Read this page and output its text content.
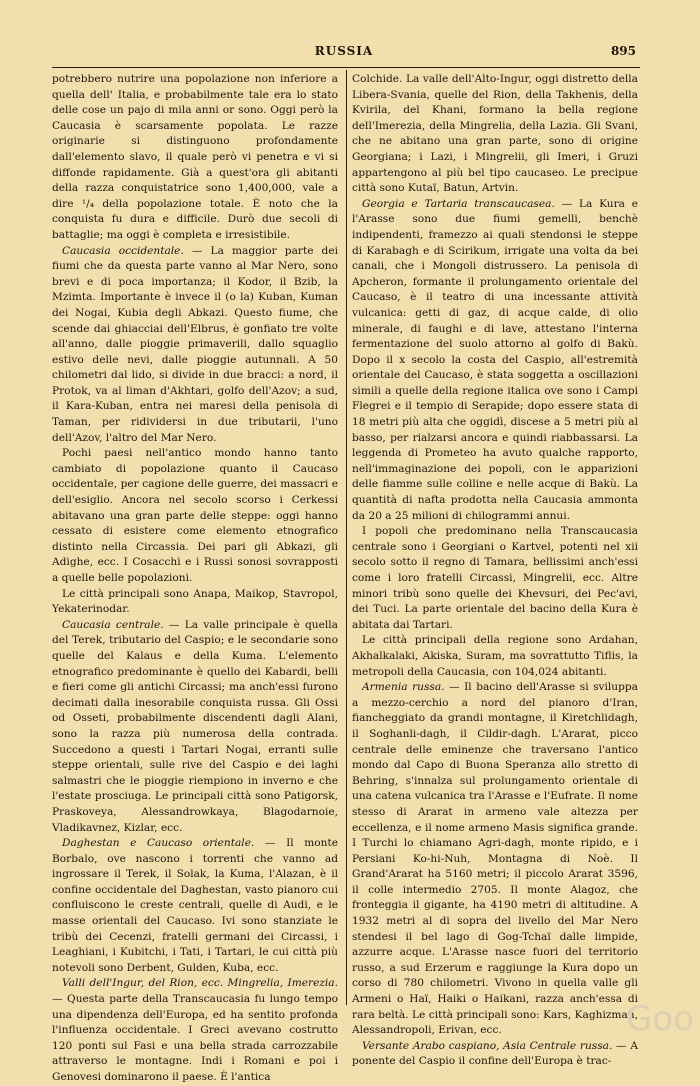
RUSSIA	895

potrebbero nutrire una popolazione non inferiore a quella dell' Italia, e probabilmente tale era lo stato delle cose un pajo di mila anni or sono. Oggi però la Caucasia è scarsamente popolata. Le razze originarie si distinguono profondamente dall'elemento slavo, il quale però vi penetra e vi si diffonde rapidamente. Già a quest'ora gli abitanti della razza conquistatrice sono 1,400,000, vale a dire ¹/₄ della popolazione totale. È noto che la conquista fu dura e difficile. Durò due secoli di battaglie; ma oggi è completa e irresistibile.

Caucasia occidentale. — La maggior parte dei fiumi che da questa parte vanno al Mar Nero, sono brevi e di poca importanza; il Kodor, il Bzib, la Mzimta. Importante è invece il (o la) Kuban, Kuman dei Nogai, Kubia degli Abkazi. Questo fiume, che scende dai ghiacciai dell'Elbrus, è gonfiato tre volte all'anno, dalle pioggie primaverili, dallo squaglio estivo delle nevi, dalle pioggie autunnali. A 50 chilometri dal lido, si divide in due bracci: a nord, il Protok, va al liman d'Akhtari, golfo dell'Azov; a sud, il Kara-Kuban, entra nei maresi della penisola di Taman, per ridividersi in due tributarii, l'uno dell'Azov, l'altro del Mar Nero.

Pochi paesi nell'antico mondo hanno tanto cambiato di popolazione quanto il Caucaso occidentale, per cagione delle guerre, dei massacri e dell'esiglio. Ancora nel secolo scorso i Cerkessi abitavano una gran parte delle steppe: oggi hanno cessato di esistere come elemento etnografico distinto nella Circassia. Dei pari gli Abkazi, gli Adighe, ecc. I Cosacchi e i Russi sonosi sovrapposti a quelle belle popolazioni.

Le città principali sono Anapa, Maikop, Stavropol, Yekaterinodar.

Caucasia centrale. — La valle principale è quella del Terek, tributario del Caspio; e le secondarie sono quelle del Kalaus e della Kuma. L'elemento etnografico predominante è quello dei Kabardi, belli e fieri come gli antichi Circassi; ma anch'essi furono decimati dalla inesorabile conquista russa. Gli Ossi od Osseti, probabilmente discendenti dagli Alani, sono la razza più numerosa della contrada. Succedono a questi i Tartari Nogai, erranti sulle steppe orientali, sulle rive del Caspio e dei laghi salmastri che le pioggie riempiono in inverno e che l'estate prosciuga. Le principali città sono Patigorsk, Praskoveya, Alessandrowkaya, Blagodarnoie, Vladikavnez, Kizlar, ecc.

Daghestan e Caucaso orientale. — Il monte Borbalo, ove nascono i torrenti che vanno ad ingrossare il Terek, il Solak, la Kuma, l'Alazan, è il confine occidentale del Daghestan, vasto pianoro cui confluiscono le creste centrali, quelle di Audi, e le masse orientali del Caucaso. Ivi sono stanziate le tribù dei Cecenzi, fratelli germani dei Circassi, i Leaghiani, i Kubitchi, i Tati, i Tartari, le cui città più notevoli sono Derbent, Gulden, Kuba, ecc.

Valli dell'Ingur, del Rion, ecc. Mingrelia, Imerezia. — Questa parte della Transcaucasia fu lungo tempo una dipendenza dell'Europa, ed ha sentito profonda l'influenza occidentale. I Greci avevano costrutto 120 ponti sul Fasi e una bella strada carrozzabile attraverso le montagne. Indi i Romani e poi i Genovesi dominarono il paese. È l'antica

Colchide. La valle dell'Alto-Ingur, oggi distretto della Libera-Svania, quelle del Rion, della Takhenis, della Kvirila, del Khani, formano la bella regione dell'Imerezia, della Mingrelia, della Lazia. Gli Svani, che ne abitano una gran parte, sono di origine Georgiana; i Lazi, i Mingrelii, gli Imeri, i Gruzi appartengono al più bel tipo caucaseo. Le precipue città sono Kutaï, Batun, Artvin.

Georgia e Tartaria transcaucasea. — La Kura e l'Arasse sono due fiumi gemelli, benchè indipendenti, framezzo ai quali stendonsi le steppe di Karabagh e di Scirikum, irrigate una volta da bei canali, che i Mongoli distrussero. La penisola di Apcheron, formante il prolungamento orientale del Caucaso, è il teatro di una incessante attività vulcanica: getti di gaz, di acque calde, di olio minerale, di faughi e di lave, attestano l'interna fermentazione del suolo attorno al golfo di Bakù. Dopo il x secolo la costa del Caspio, all'estremità orientale del Caucaso, è stata soggetta a oscillazioni simili a quelle della regione italica ove sono i Campi Flegrei e il tempio di Serapide; dopo essere stata di 18 metri più alta che oggidì, discese a 5 metri più al basso, per rialzarsi ancora e quindi riabbassarsi. La leggenda di Prometeo ha avuto qualche rapporto, nell'immaginazione dei popoli, con le apparizioni delle fiamme sulle colline e nelle acque di Bakù. La quantità di nafta prodotta nella Caucasia ammonta da 20 a 25 milioni di chilogrammi annui.

I popoli che predominano nella Transcaucasia centrale sono i Georgiani o Kartvel, potenti nel xii secolo sotto il regno di Tamara, bellissimi anch'essi come i loro fratelli Circassi, Mingrelii, ecc. Altre minori tribù sono quelle dei Khevsuri, dei Pec'avi, dei Tuci. La parte orientale del bacino della Kura è abitata dai Tartari.

Le città principali della regione sono Ardahan, Akhalkalaki, Akiska, Suram, ma sovrattutto Tiflis, la metropoli della Caucasia, con 104,024 abitanti.

Armenia russa. — Il bacino dell'Arasse si sviluppa a mezzo-cerchio a nord del pianoro d'Iran, fiancheggiato da grandi montagne, il Kiretchlidagh, il Soghanli-dagh, il Cildir-dagh. L'Ararat, picco centrale delle eminenze che traversano l'antico mondo dal Capo di Buona Speranza allo stretto di Behring, s'innalza sul prolungamento orientale di una catena vulcanica tra l'Arasse e l'Eufrate. Il nome stesso di Ararat in armeno vale altezza per eccellenza, e il nome armeno Masis significa grande. I Turchi lo chiamano Agri-dagh, monte ripido, e i Persiani Ko-hi-Nuh, Montagna di Noè. Il Grand'Ararat ha 5160 metri; il piccolo Ararat 3596, il colle intermedio 2705. Il monte Alagoz, che fronteggia il gigante, ha 4190 metri di altitudine. A 1932 metri al di sopra del livello del Mar Nero stendesi il bel lago di Gog-Tchaï dalle limpide, azzurre acque. L'Arasse nasce fuori del territorio russo, a sud Erzerum e raggiunge la Kura dopo un corso di 780 chilometri. Vivono in quella valle gli Armeni o Haï, Haiki o Haikani, razza anch'essa di rara beltà. Le città principali sono: Kars, Kaghizman, Alessandropoli, Erivan, ecc.

Versante Arabo caspiano, Asia Centrale russa. — A ponente del Caspio il confine dell'Europa è trac-

Goo
